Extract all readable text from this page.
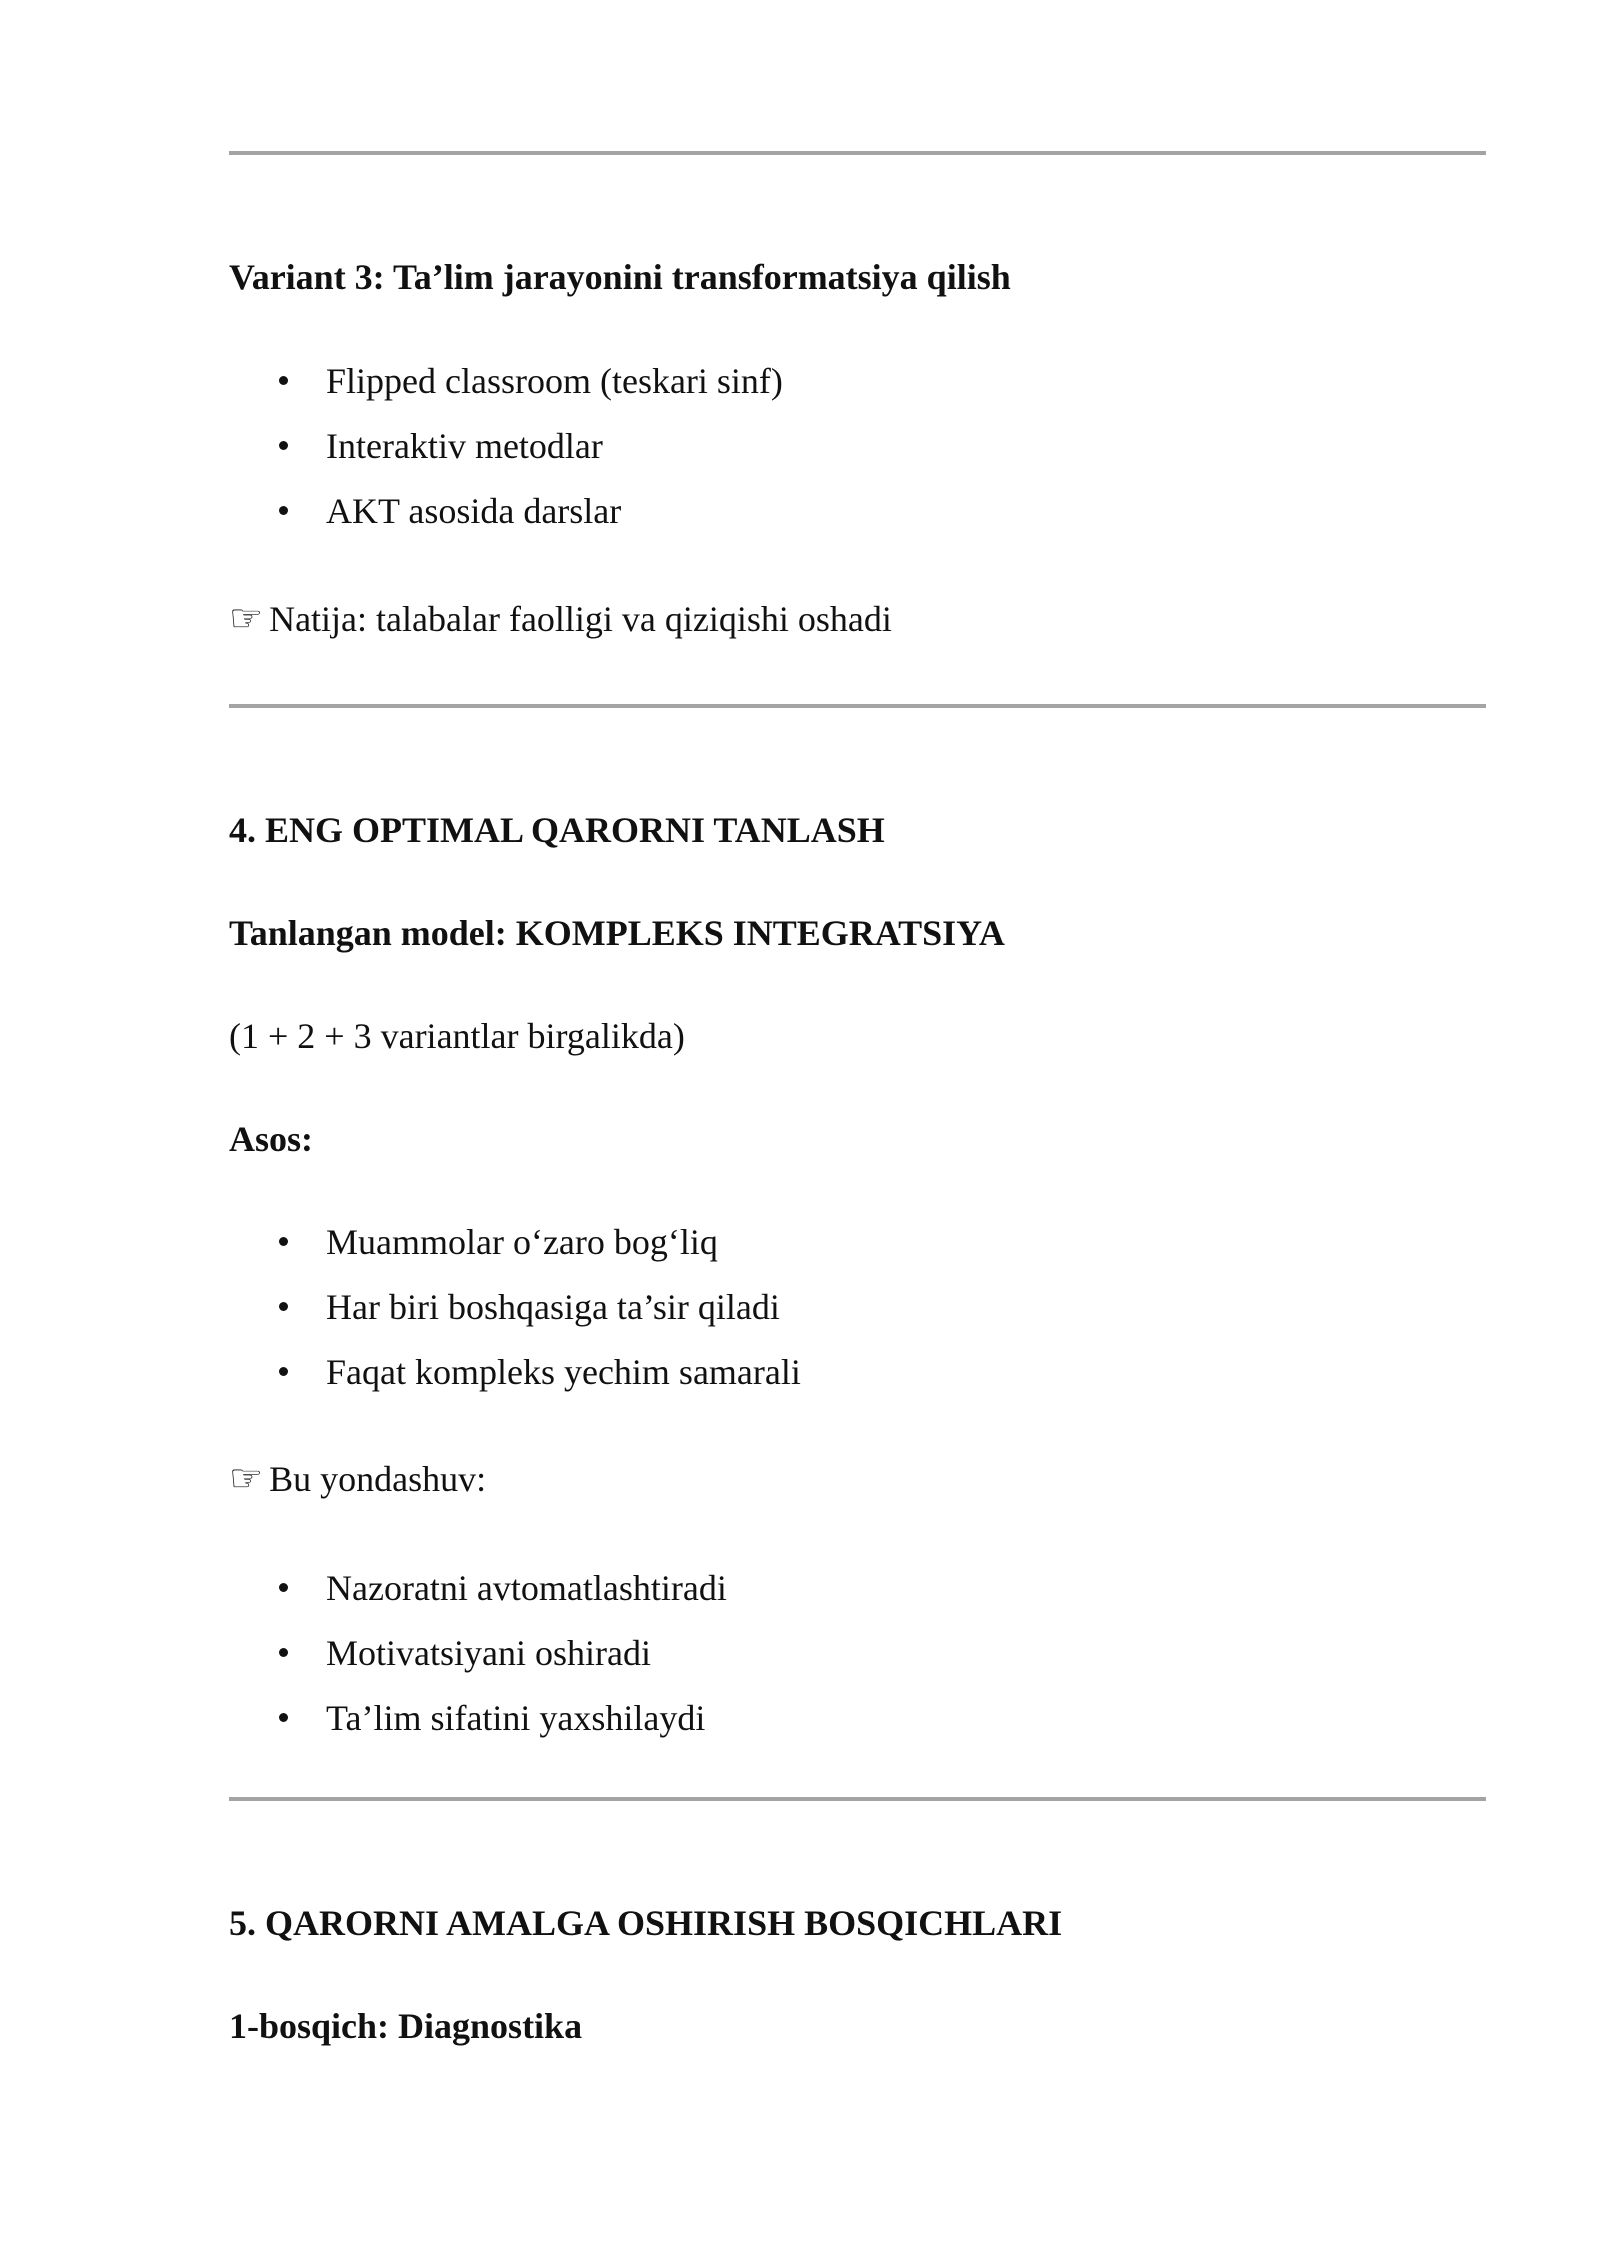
Variant 3: Ta’lim jarayonini transformatsiya qilish
Flipped classroom (teskari sinf)
Interaktiv metodlar
AKT asosida darslar
☞ Natija: talabalar faolligi va qiziqishi oshadi
4. ENG OPTIMAL QARORNI TANLASH
Tanlangan model: KOMPLEKS INTEGRATSIYA
(1 + 2 + 3 variantlar birgalikda)
Asos:
Muammolar o‘zaro bog‘liq
Har biri boshqasiga ta’sir qiladi
Faqat kompleks yechim samarali
☞ Bu yondashuv:
Nazoratni avtomatlashtiradi
Motivatsiyani oshiradi
Ta’lim sifatini yaxshilaydi
5. QARORNI AMALGA OSHIRISH BOSQICHLARI
1-bosqich: Diagnostika
